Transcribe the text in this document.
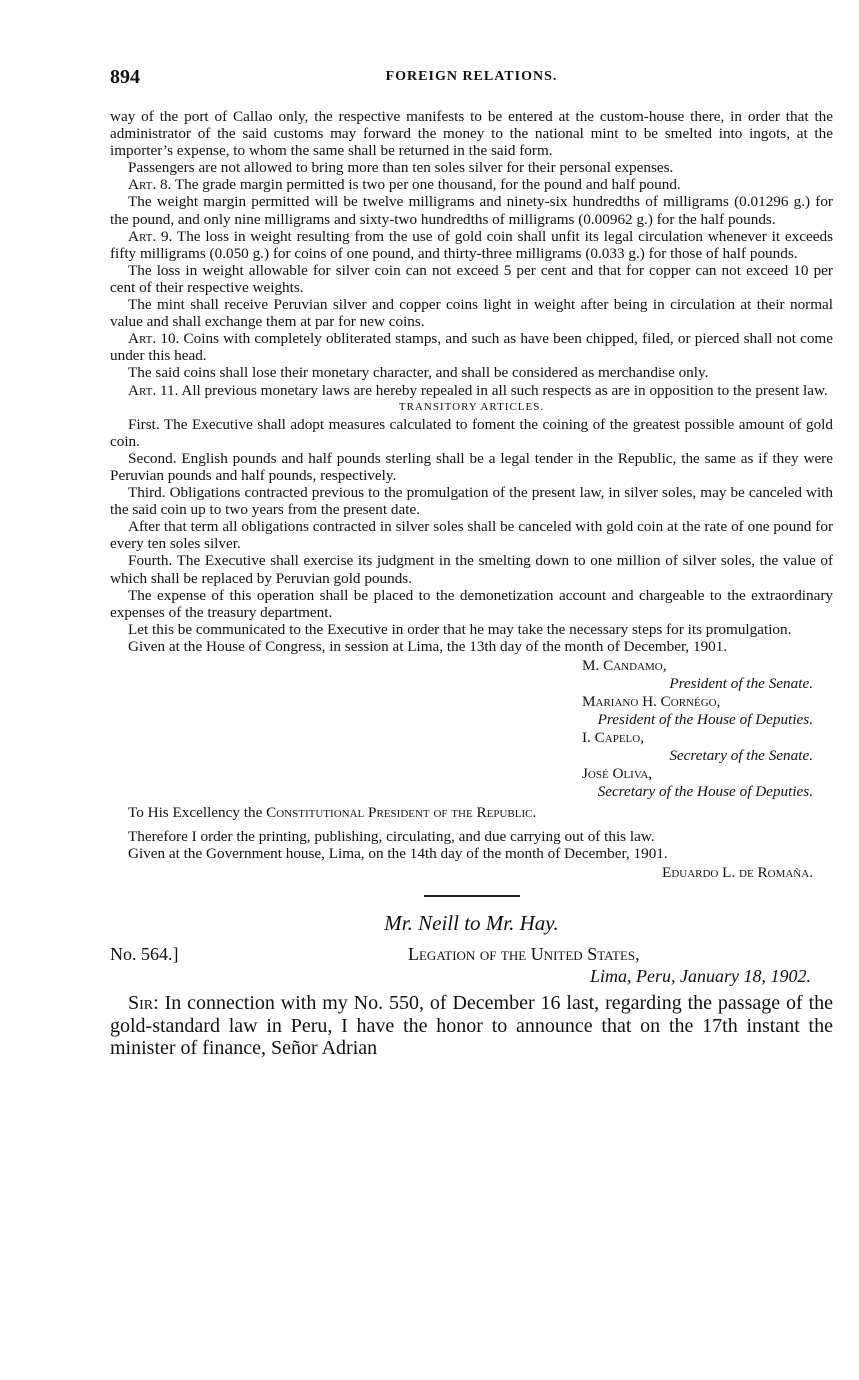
894	FOREIGN RELATIONS.

way of the port of Callao only, the respective manifests to be entered at the custom-house there, in order that the administrator of the said customs may forward the money to the national mint to be smelted into ingots, at the importer’s expense, to whom the same shall be returned in the said form.

Passengers are not allowed to bring more than ten soles silver for their personal expenses.

Art. 8. The grade margin permitted is two per one thousand, for the pound and half pound.

The weight margin permitted will be twelve milligrams and ninety-six hundredths of milligrams (0.01296 g.) for the pound, and only nine milligrams and sixty-two hundredths of milligrams (0.00962 g.) for the half pounds.

Art. 9. The loss in weight resulting from the use of gold coin shall unfit its legal circulation whenever it exceeds fifty milligrams (0.050 g.) for coins of one pound, and thirty-three milligrams (0.033 g.) for those of half pounds.

The loss in weight allowable for silver coin can not exceed 5 per cent and that for copper can not exceed 10 per cent of their respective weights.

The mint shall receive Peruvian silver and copper coins light in weight after being in circulation at their normal value and shall exchange them at par for new coins.

Art. 10. Coins with completely obliterated stamps, and such as have been chipped, filed, or pierced shall not come under this head.

The said coins shall lose their monetary character, and shall be considered as merchandise only.

Art. 11. All previous monetary laws are hereby repealed in all such respects as are in opposition to the present law.

TRANSITORY ARTICLES.

First. The Executive shall adopt measures calculated to foment the coining of the greatest possible amount of gold coin.

Second. English pounds and half pounds sterling shall be a legal tender in the Republic, the same as if they were Peruvian pounds and half pounds, respectively.

Third. Obligations contracted previous to the promulgation of the present law, in silver soles, may be canceled with the said coin up to two years from the present date.

After that term all obligations contracted in silver soles shall be canceled with gold coin at the rate of one pound for every ten soles silver.

Fourth. The Executive shall exercise its judgment in the smelting down to one million of silver soles, the value of which shall be replaced by Peruvian gold pounds.

The expense of this operation shall be placed to the demonetization account and chargeable to the extraordinary expenses of the treasury department.

Let this be communicated to the Executive in order that he may take the necessary steps for its promulgation.

Given at the House of Congress, in session at Lima, the 13th day of the month of December, 1901.

M. Candamo,
President of the Senate.
Mariano H. Cornégo,
President of the House of Deputies.
I. Capelo,
Secretary of the Senate.
José Oliva,
Secretary of the House of Deputies.

To His Excellency the Constitutional President of the Republic.

Therefore I order the printing, publishing, circulating, and due carrying out of this law.

Given at the Government house, Lima, on the 14th day of the month of December, 1901.

Eduardo L. de Romaña.
Mr. Neill to Mr. Hay.
No. 564.]	Legation of the United States,
Lima, Peru, January 18, 1902.

Sir: In connection with my No. 550, of December 16 last, regarding the passage of the gold-standard law in Peru, I have the honor to announce that on the 17th instant the minister of finance, Señor Adrian
